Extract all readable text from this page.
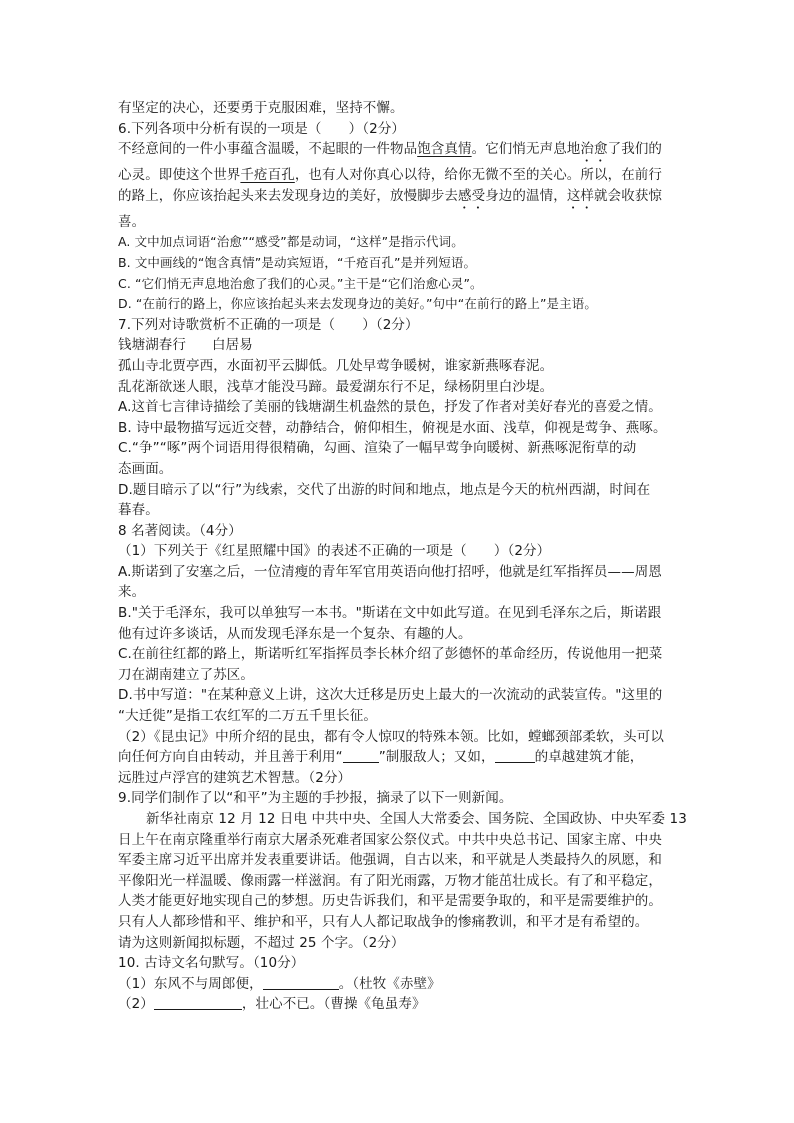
有坚定的决心，还要勇于克服困难，坚持不懈。
6.下列各项中分析有误的一项是（　　）（2分）
不经意间的一件小事蕴含温暖，不起眼的一件物品饱含真情。它们悄无声息地治愈了我们的
心灵。即使这个世界千疮百孔，也有人对你真心以待，给你无微不至的关心。所以，在前行
的路上，你应该抬起头来去发现身边的美好，放慢脚步去感受身边的温情，这样就会收获惊
喜。
A. 文中加点词语“治愈”“感受”都是动词，“这样”是指示代词。
B. 文中画线的“饱含真情”是动宾短语，“千疮百孔”是并列短语。
C. “它们悄无声息地治愈了我们的心灵。”主干是“它们治愈心灵”。
D. “在前行的路上，你应该抬起头来去发现身边的美好。”句中“在前行的路上”是主语。
7.下列对诗歌赏析不正确的一项是（　　）（2分）
钱塘湖春行 白居易
孤山寺北贾亭西，水面初平云脚低。几处早莺争暖树，谁家新燕啄春泥。
乱花渐欲迷人眼，浅草才能没马蹄。最爱湖东行不足，绿杨阴里白沙堤。
A.这首七言律诗描绘了美丽的钱塘湖生机盎然的景色，抒发了作者对美好春光的喜爱之情。
B. 诗中最物描写远近交替，动静结合，俯仰相生，俯视是水面、浅草，仰视是莺争、燕啄。
C.“争”“啄”两个词语用得很精确，勾画、渲染了一幅早莺争向暖树、新燕啄泥衔草的动
态画面。
D.题目暗示了以“行”为线索，交代了出游的时间和地点，地点是今天的杭州西湖，时间在
暮春。
8 名著阅读。（4分）
（1）下列关于《红星照耀中国》的表述不正确的一项是（　　）（2分）
A.斯诺到了安塞之后，一位清瘦的青年军官用英语向他打招呼，他就是红军指挥员——周恩
来。
B."关于毛泽东，我可以单独写一本书。"斯诺在文中如此写道。在见到毛泽东之后，斯诺跟
他有过许多谈话，从而发现毛泽东是一个复杂、有趣的人。
C.在前往红都的路上，斯诺听红军指挥员李长林介绍了彭德怀的革命经历，传说他用一把菜
刀在湖南建立了苏区。
D.书中写道："在某种意义上讲，这次大迁移是历史上最大的一次流动的武装宣传。"这里的
“大迁徙”是指工农红军的二万五千里长征。
（2）《昆虫记》中所介绍的昆虫，都有令人惊叹的特殊本领。比如，螳螂颈部柔软，头可以
向任何方向自由转动，并且善于利用“	”制服敌人；又如，	的卓越建筑才能，
远胜过卢浮宫的建筑艺术智慧。（2分）
9.同学们制作了以“和平”为主题的手抄报，摘录了以下一则新闻。
新华社南京 12 月 12 日电 中共中央、全国人大常委会、国务院、全国政协、中央军委 13
日上午在南京隆重举行南京大屠杀死难者国家公祭仪式。中共中央总书记、国家主席、中央
军委主席习近平出席并发表重要讲话。他强调，自古以来，和平就是人类最持久的夙愿，和
平像阳光一样温暖、像雨露一样滋润。有了阳光雨露，万物才能茁壮成长。有了和平稳定，
人类才能更好地实现自己的梦想。历史告诉我们，和平是需要争取的，和平是需要维护的。
只有人人都珍惜和平、维护和平，只有人人都记取战争的惨痛教训，和平才是有希望的。
请为这则新闻拟标题，不超过 25 个字。（2分）
10. 古诗文名句默写。（10分）
（1）东风不与周郎便，	。（杜牧《赤壁》
（2）	，壮心不已。（曹操《龟虽寿》
